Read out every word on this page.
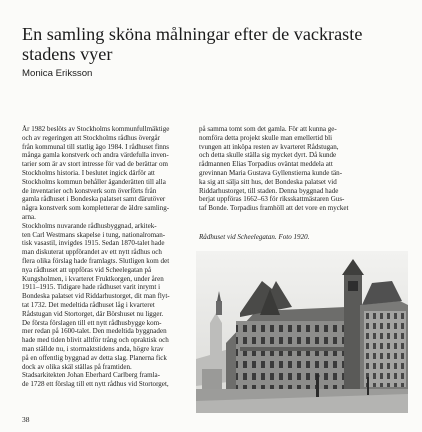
En samling sköna målningar efter de vackraste stadens vyer
Monica Eriksson
År 1982 beslöts av Stockholms kommunfullmäktige
och av regeringen att Stockholms rådhus övergår
från kommunal till statlig ägo 1984. I rådhuset finns
många gamla konstverk och andra värdefulla inven-
tarier som är av stort intresse för vad de berättar om
Stockholms historia. I beslutet ingick därför att
Stockholms kommun behåller äganderätten till alla
de inventarier och konstverk som överförts från
gamla rådhuset i Bondeska palatset samt därutöver
några konstverk som kompletterar de äldre samling-
arna.
Stockholms nuvarande rådhusbyggnad, arkitek-
ten Carl Westmans skapelse i tung, nationalroman-
tisk vasastil, invigdes 1915. Sedan 1870-talet hade
man diskuterat uppförandet av ett nytt rådhus och
flera olika förslag hade framlagts. Slutligen kom det
nya rådhuset att uppföras vid Scheelegatan på
Kungsholmen, i kvarteret Fruktkorgen, under åren
1911–1915. Tidigare hade rådhuset varit inrymt i
Bondeska palatset vid Riddarhustorget, dit man flyt-
tat 1732. Det medeltida rådhuset låg i kvarteret
Rådstugan vid Stortorget, där Börshuset nu ligger.
De första förslagen till ett nytt rådhusbygge kom-
mer redan på 1600-talet. Den medeltida byggnaden
hade med tiden blivit alltför trång och opraktisk och
man ställde nu, i stormaktstidens anda, högre krav
på en offentlig byggnad av detta slag. Planerna fick
dock av olika skäl ställas på framtiden.
Stadsarkitekten Johan Eberhard Carlberg framla-
de 1728 ett förslag till ett nytt rådhus vid Stortorget,
på samma tomt som det gamla. För att kunna ge-
nomföra detta projekt skulle man emellertid bli
tvungen att inköpa resten av kvarteret Rådstugan,
och detta skulle ställa sig mycket dyrt. Då kunde
rådmannen Elias Torpadius oväntat meddela att
grevinnan Maria Gustava Gyllenstierna kunde tän-
ka sig att sälja sitt hus, det Bondeska palatset vid
Riddarhustorget, till staden. Denna byggnad hade
berjat uppföras 1662–63 för riksskattmästaren Gus-
taf Bonde. Torpadius framhöll att det vore en mycket
Rådhuset vid Scheelegatan. Foto 1920.
38
